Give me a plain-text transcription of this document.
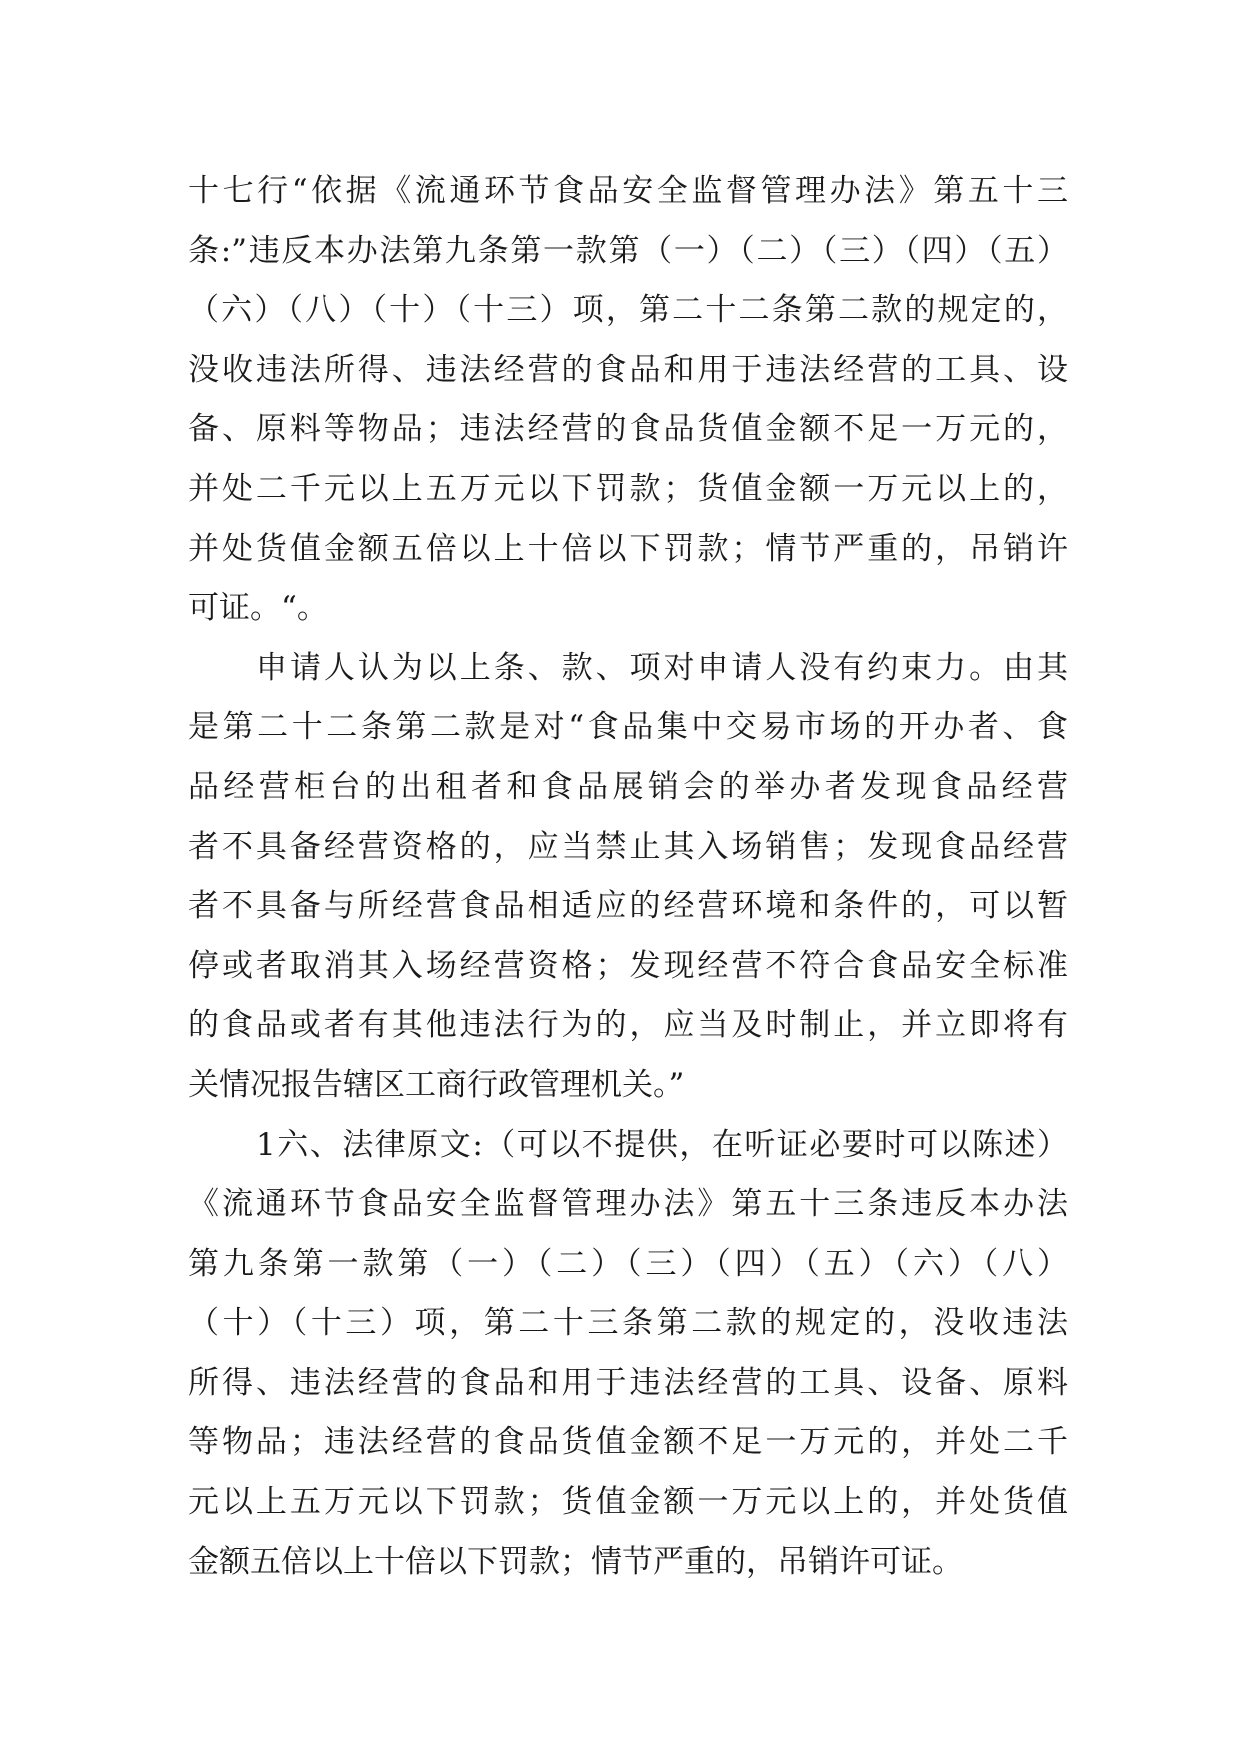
十七行“依据《流通环节食品安全监督管理办法》第五十三
条:”违反本办法第九条第一款第（一）（二）（三）（四）（五）
（六）（八）（十）（十三）项，第二十二条第二款的规定的，
没收违法所得、违法经营的食品和用于违法经营的工具、设
备、原料等物品；违法经营的食品货值金额不足一万元的，
并处二千元以上五万元以下罚款；货值金额一万元以上的，
并处货值金额五倍以上十倍以下罚款；情节严重的，吊销许
可证。“。
申请人认为以上条、款、项对申请人没有约束力。由其
是第二十二条第二款是对“食品集中交易市场的开办者、食
品经营柜台的出租者和食品展销会的举办者发现食品经营
者不具备经营资格的，应当禁止其入场销售；发现食品经营
者不具备与所经营食品相适应的经营环境和条件的，可以暂
停或者取消其入场经营资格；发现经营不符合食品安全标准
的食品或者有其他违法行为的，应当及时制止，并立即将有
关情况报告辖区工商行政管理机关。”
1六、法律原文:（可以不提供，在听证必要时可以陈述）
《流通环节食品安全监督管理办法》第五十三条违反本办法
第九条第一款第（一）（二）（三）（四）（五）（六）（八）
（十）（十三）项，第二十三条第二款的规定的，没收违法
所得、违法经营的食品和用于违法经营的工具、设备、原料
等物品；违法经营的食品货值金额不足一万元的，并处二千
元以上五万元以下罚款；货值金额一万元以上的，并处货值
金额五倍以上十倍以下罚款；情节严重的，吊销许可证。
